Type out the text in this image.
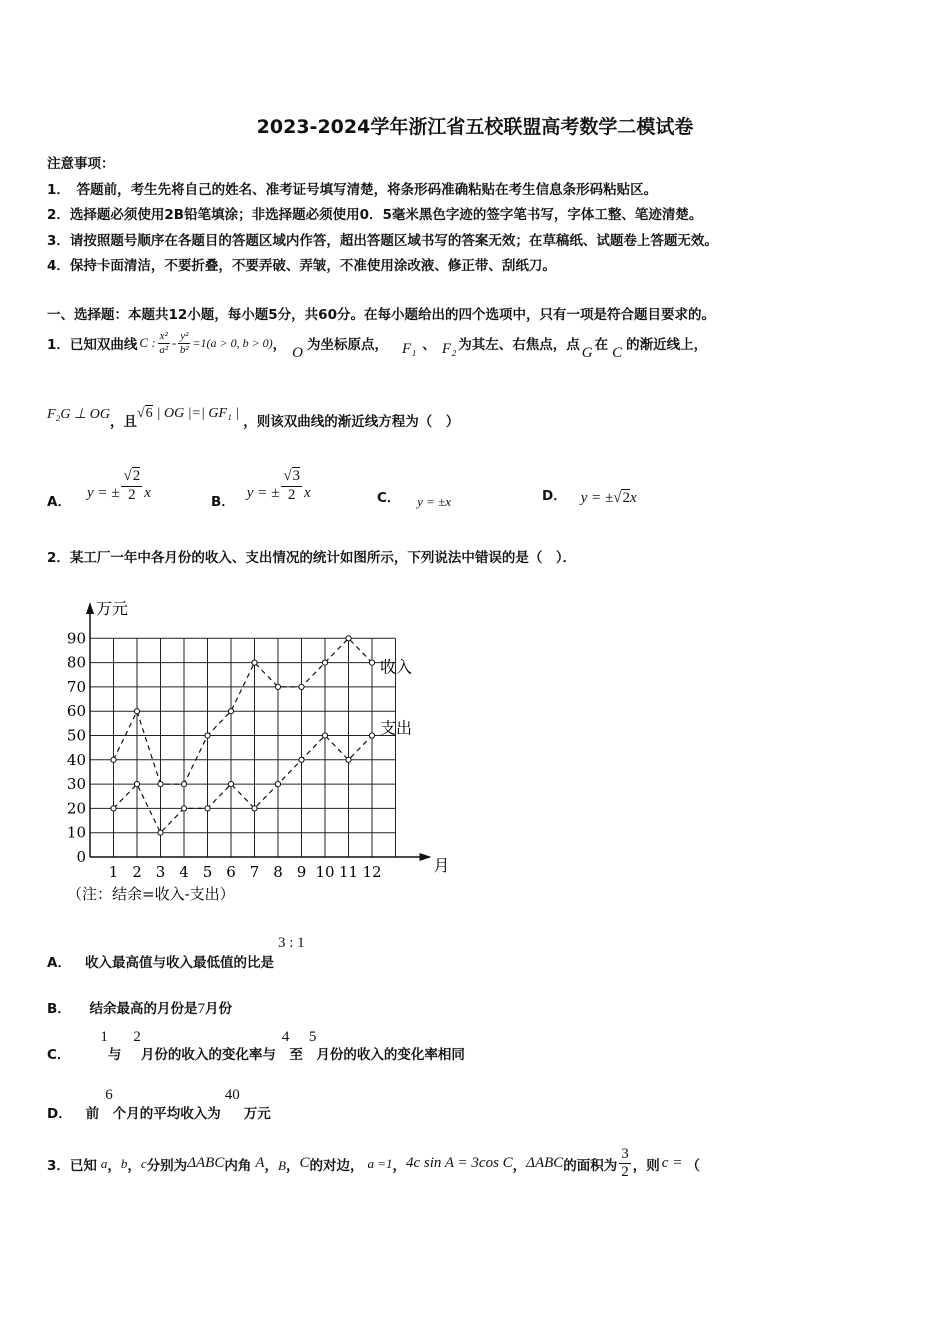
2023-2024学年浙江省五校联盟高考数学二模试卷
注意事项：
1．　答题前，考生先将自己的姓名、准考证号填写清楚，将条形码准确粘贴在考生信息条形码粘贴区。
2．选择题必须使用2B铅笔填涂；非选择题必须使用0．5毫米黑色字迹的签字笔书写，字体工整、笔迹清楚。
3．请按照题号顺序在各题目的答题区域内作答，超出答题区域书写的答案无效；在草稿纸、试题卷上答题无效。
4．保持卡面清洁，不要折叠，不要弄破、弄皱，不准使用涂改液、修正带、刮纸刀。
一、选择题：本题共12小题，每小题5分，共60分。在每小题给出的四个选项中，只有一项是符合题目要求的。
1．已知双曲线 C : $\frac{\text{x²}}{\text{a²}} - \frac{\text{y²}}{\text{b²}} =1(a > 0$, b > 0) ， O 为坐标原点， F₁ 、 F₂ 为其左、右焦点，点 G 在 C 的渐近线上，
F₂G ⊥ OG ，且
√6 | OG |=| GF₁ |
，则该双曲线的渐近线方程为（　）
A．
y = ± $\frac{√2}{2}$ x
B．
y = ± $\frac{√3}{2}$ x	C． y = ±x	D． y = ± √2 x
2．某工厂一年中各月份的收入、支出情况的统计如图所示，下列说法中错误的是（　）．
0
10
20
30
40
50
60
70
80
90
1 2 3 4 5 6 7 8 9 10 11 12
万元
月
（注：结余=收入-支出）
收入
支出
A． 收入最高值与收入最低值的比是
3 : 1
B． 结余最高的月份是7月份
C．
1
与
2
月份的收入的变化率与
4
至
5
月份的收入的变化率相同
D． 前
6
个月的平均收入为
40
万元
3．已知 a ， b ， c 分别为 ΔABC 内角 A ， B ， C 的对边， a =1 ， 4c sin A = 3cos C ， ΔABC 的面积为 $\frac{3}{2}$ ，则 c = （
